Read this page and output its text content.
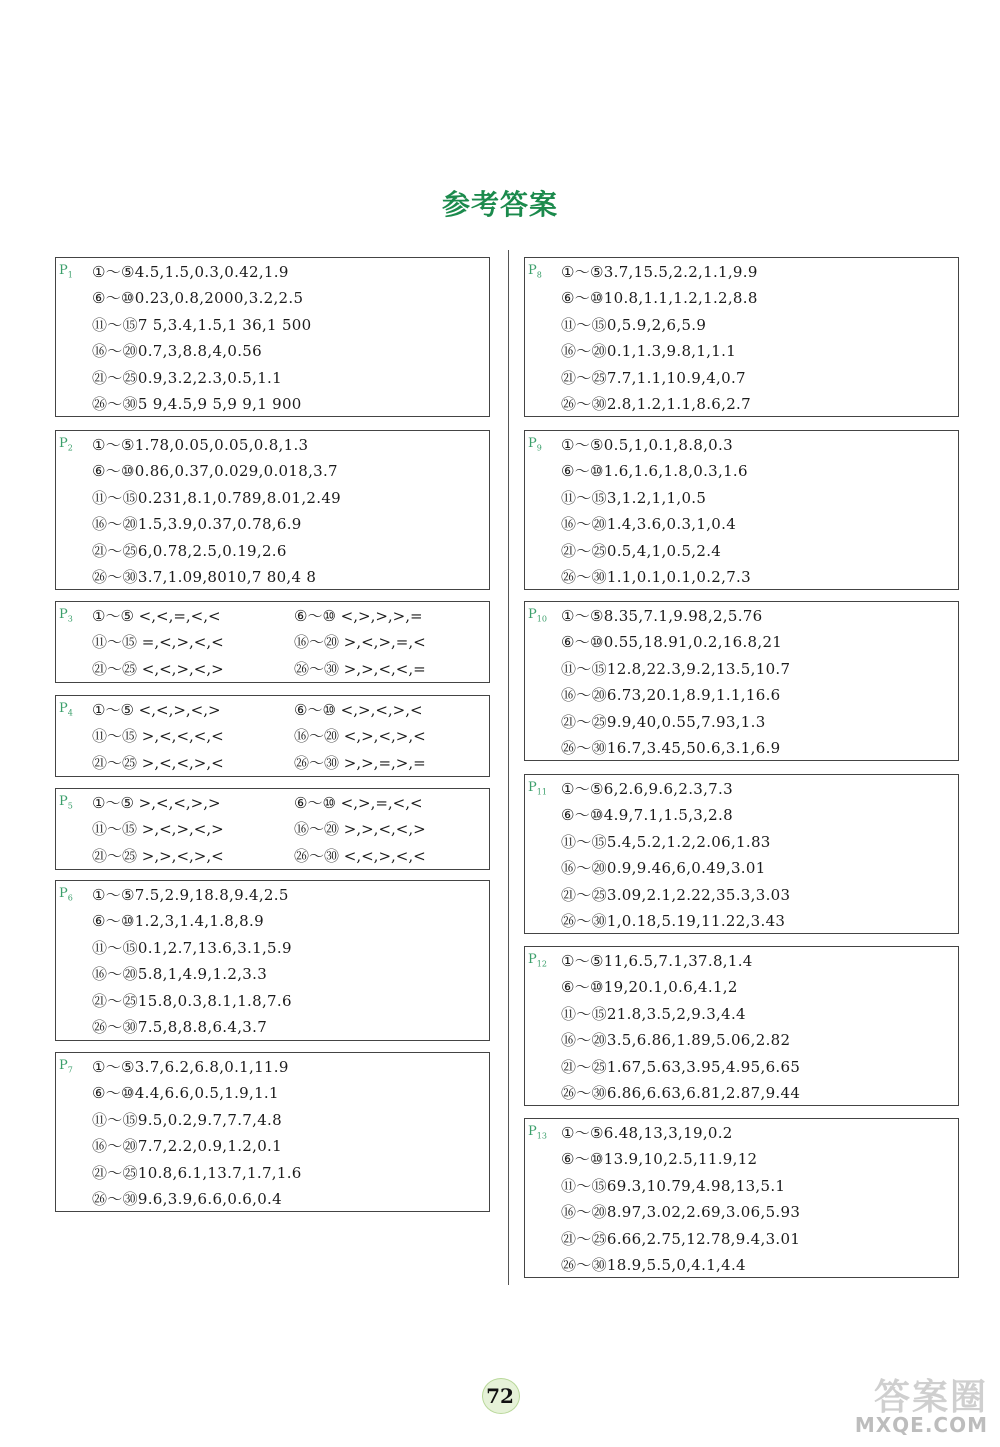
参考答案
$P_1$ ①～⑤4.5,1.5,0.3,0.42,1.9
⑥～⑩0.23,0.8,2000,3.2,2.5
⑪～⑮7 5,3.4,1.5,1 36,1 500
⑯～⑳0.7,3,8.8,4,0.56
㉑～㉕0.9,3.2,2.3,0.5,1.1
㉖～㉚5 9,4.5,9 5,9 9,1 900
$P_2$ ①～⑤1.78,0.05,0.05,0.8,1.3
⑥～⑩0.86,0.37,0.029,0.018,3.7
⑪～⑮0.231,8.1,0.789,8.01,2.49
⑯～⑳1.5,3.9,0.37,0.78,6.9
㉑～㉕6,0.78,2.5,0.19,2.6
㉖～㉚3.7,1.09,8010,7 80,4 8
$P_3$ ①～⑤ <,<,=,<,<	⑥～⑩ <,>,>,>,=
⑪～⑮ =,<,>,<,<	⑯～⑳ >,<,>,=,<
㉑～㉕ <,<,>,<,>	㉖～㉚ >,>,<,<,=
$P_4$ ①～⑤ <,<,>,<,>	⑥～⑩ <,>,<,>,<
⑪～⑮ >,<,<,<,<	⑯～⑳ <,>,<,>,<
㉑～㉕ >,<,<,>,<	㉖～㉚ >,>,=,>,=
$P_5$ ①～⑤ >,<,<,>,>	⑥～⑩ <,>,=,<,<
⑪～⑮ >,<,>,<,>	⑯～⑳ >,>,<,<,>
㉑～㉕ >,>,<,>,<	㉖～㉚ <,<,>,<,<
$P_6$ ①～⑤7.5,2.9,18.8,9.4,2.5
⑥～⑩1.2,3,1.4,1.8,8.9
⑪～⑮0.1,2.7,13.6,3.1,5.9
⑯～⑳5.8,1,4.9,1.2,3.3
㉑～㉕15.8,0.3,8.1,1.8,7.6
㉖～㉚7.5,8,8.8,6.4,3.7
$P_7$ ①～⑤3.7,6.2,6.8,0.1,11.9
⑥～⑩4.4,6.6,0.5,1.9,1.1
⑪～⑮9.5,0.2,9.7,7.7,4.8
⑯～⑳7.7,2.2,0.9,1.2,0.1
㉑～㉕10.8,6.1,13.7,1.7,1.6
㉖～㉚9.6,3.9,6.6,0.6,0.4
$P_8$ ①～⑤3.7,15.5,2.2,1.1,9.9
⑥～⑩10.8,1.1,1.2,1.2,8.8
⑪～⑮0,5.9,2,6,5.9
⑯～⑳0.1,1.3,9.8,1,1.1
㉑～㉕7.7,1.1,10.9,4,0.7
㉖～㉚2.8,1.2,1.1,8.6,2.7
$P_9$ ①～⑤0.5,1,0.1,8.8,0.3
⑥～⑩1.6,1.6,1.8,0.3,1.6
⑪～⑮3,1.2,1,1,0.5
⑯～⑳1.4,3.6,0.3,1,0.4
㉑～㉕0.5,4,1,0.5,2.4
㉖～㉚1.1,0.1,0.1,0.2,7.3
$P_{10}$ ①～⑤8.35,7.1,9.98,2,5.76
⑥～⑩0.55,18.91,0.2,16.8,21
⑪～⑮12.8,22.3,9.2,13.5,10.7
⑯～⑳6.73,20.1,8.9,1.1,16.6
㉑～㉕9.9,40,0.55,7.93,1.3
㉖～㉚16.7,3.45,50.6,3.1,6.9
$P_{11}$ ①～⑤6,2.6,9.6,2.3,7.3
⑥～⑩4.9,7.1,1.5,3,2.8
⑪～⑮5.4,5.2,1.2,2.06,1.83
⑯～⑳0.9,9.46,6,0.49,3.01
㉑～㉕3.09,2.1,2.22,35.3,3.03
㉖～㉚1,0.18,5.19,11.22,3.43
$P_{12}$ ①～⑤11,6.5,7.1,37.8,1.4
⑥～⑩19,20.1,0.6,4.1,2
⑪～⑮21.8,3.5,2,9.3,4.4
⑯～⑳3.5,6.86,1.89,5.06,2.82
㉑～㉕1.67,5.63,3.95,4.95,6.65
㉖～㉚6.86,6.63,6.81,2.87,9.44
$P_{13}$ ①～⑤6.48,13,3,19,0.2
⑥～⑩13.9,10,2.5,11.9,12
⑪～⑮69.3,10.79,4.98,13,5.1
⑯～⑳8.97,3.02,2.69,3.06,5.93
㉑～㉕6.66,2.75,12.78,9.4,3.01
㉖～㉚18.9,5.5,0,4.1,4.4
72	答案圈
MXQE.COM
